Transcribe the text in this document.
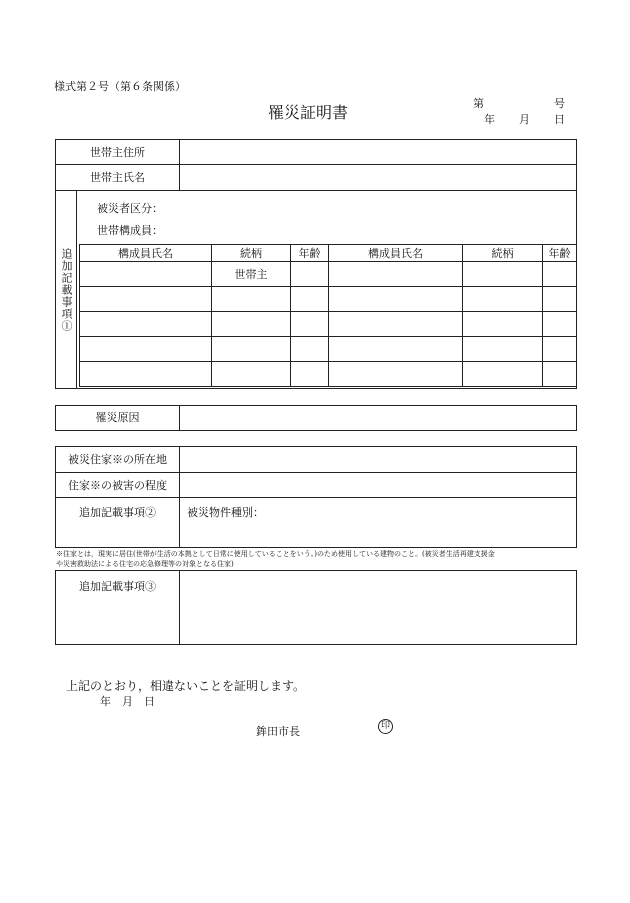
様式第２号（第６条関係）
罹災証明書	第	号
年 月 日
世帯主住所
世帯主氏名
追加記載事項①
被災者区分：
世帯構成員：
構成員氏名	続柄	年齢	構成員氏名	続柄	年齢
	世帯主				

罹災原因
被災住家※の所在地
住家※の被害の程度
追加記載事項②	被災物件種別：
※住家とは，現実に居住(世帯が生活の本拠として日常に使用していることをいう。)のため使用している建物のこと。(被災者生活再建支援金
や災害救助法による住宅の応急修理等の対象となる住家)
追加記載事項③
上記のとおり，相違ないことを証明します。
年　月　日
鉾田市長	印
